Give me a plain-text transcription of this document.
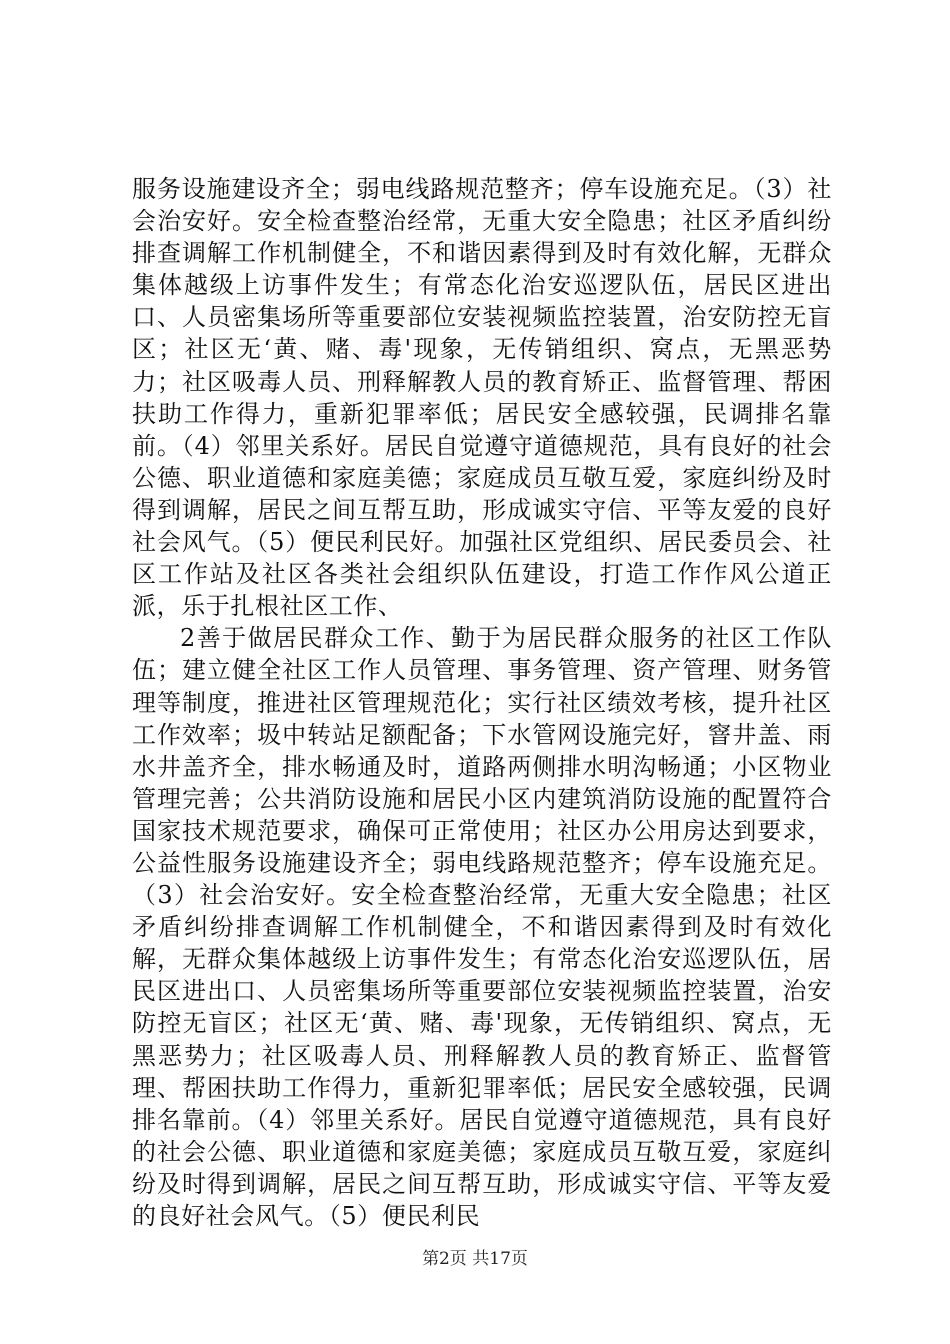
服务设施建设齐全；弱电线路规范整齐；停车设施充足。（3）社会治安好。安全检查整治经常，无重大安全隐患；社区矛盾纠纷排查调解工作机制健全，不和谐因素得到及时有效化解，无群众集体越级上访事件发生；有常态化治安巡逻队伍，居民区进出口、人员密集场所等重要部位安装视频监控装置，治安防控无盲区；社区无‘黄、赌、毒'现象，无传销组织、窝点，无黑恶势力；社区吸毒人员、刑释解教人员的教育矫正、监督管理、帮困扶助工作得力，重新犯罪率低；居民安全感较强，民调排名靠前。（4）邻里关系好。居民自觉遵守道德规范，具有良好的社会公德、职业道德和家庭美德；家庭成员互敬互爱，家庭纠纷及时得到调解，居民之间互帮互助，形成诚实守信、平等友爱的良好社会风气。（5）便民利民好。加强社区党组织、居民委员会、社区工作站及社区各类社会组织队伍建设，打造工作作风公道正派，乐于扎根社区工作、

2善于做居民群众工作、勤于为居民群众服务的社区工作队伍；建立健全社区工作人员管理、事务管理、资产管理、财务管理等制度，推进社区管理规范化；实行社区绩效考核，提升社区工作效率；圾中转站足额配备；下水管网设施完好，窨井盖、雨水井盖齐全，排水畅通及时，道路两侧排水明沟畅通；小区物业管理完善；公共消防设施和居民小区内建筑消防设施的配置符合国家技术规范要求，确保可正常使用；社区办公用房达到要求，公益性服务设施建设齐全；弱电线路规范整齐；停车设施充足。（3）社会治安好。安全检查整治经常，无重大安全隐患；社区矛盾纠纷排查调解工作机制健全，不和谐因素得到及时有效化解，无群众集体越级上访事件发生；有常态化治安巡逻队伍，居民区进出口、人员密集场所等重要部位安装视频监控装置，治安防控无盲区；社区无‘黄、赌、毒'现象，无传销组织、窝点，无黑恶势力；社区吸毒人员、刑释解教人员的教育矫正、监督管理、帮困扶助工作得力，重新犯罪率低；居民安全感较强，民调排名靠前。（4）邻里关系好。居民自觉遵守道德规范，具有良好的社会公德、职业道德和家庭美德；家庭成员互敬互爱，家庭纠纷及时得到调解，居民之间互帮互助，形成诚实守信、平等友爱的良好社会风气。（5）便民利民

第2页 共17页
